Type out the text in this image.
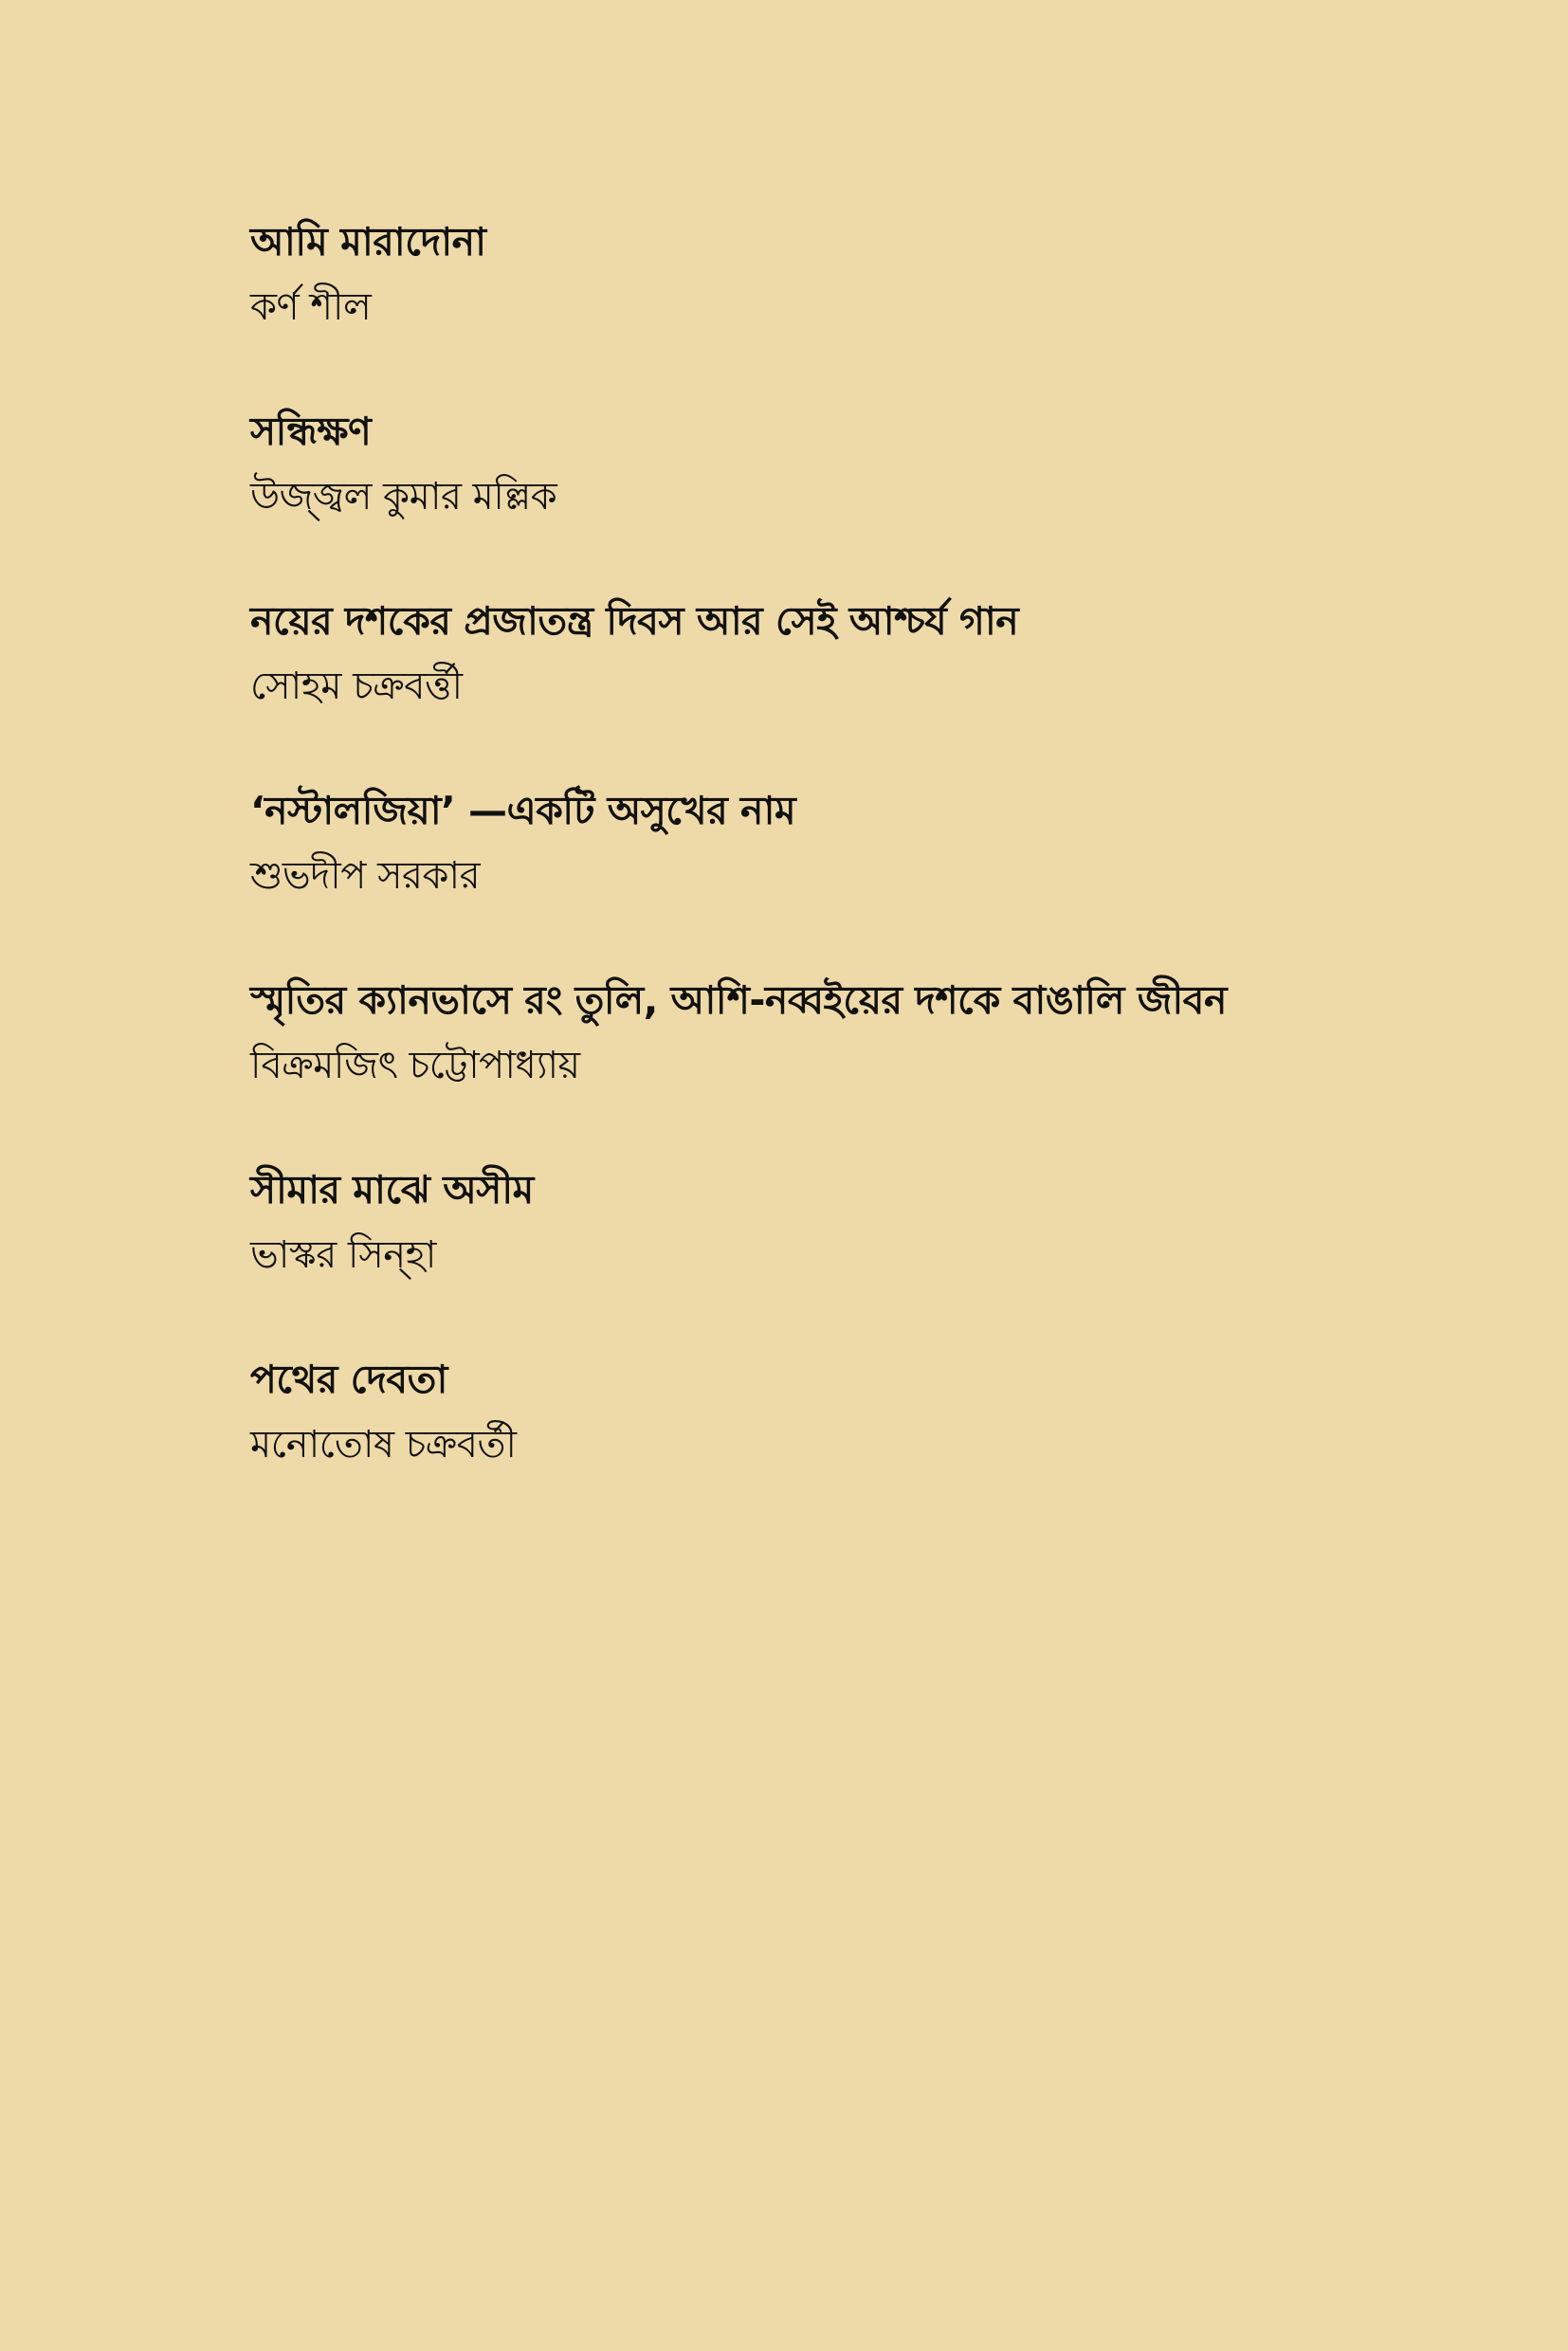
আমি মারাদোনা
কর্ণ শীল
সন্ধিক্ষণ
উজ্জ্বল কুমার মল্লিক
নয়ের দশকের প্রজাতন্ত্র দিবস আর সেই আশ্চর্য গান
সোহম চক্রবর্ত্তী
‘নস্টালজিয়া’ —একটি অসুখের নাম
শুভদীপ সরকার
স্মৃতির ক্যানভাসে রং তুলি, আশি-নব্বইয়ের দশকে বাঙালি জীবন
বিক্রমজিৎ চট্টোপাধ্যায়
সীমার মাঝে অসীম
ভাস্কর সিন্‌হা
পথের দেবতা
মনোতোষ চক্রবর্তী
